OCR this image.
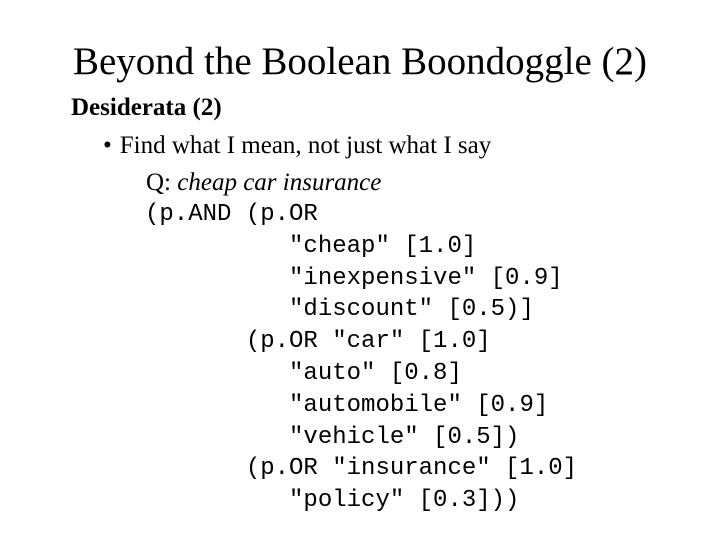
Beyond the Boolean Boondoggle (2)
Desiderata (2)
• Find what I mean, not just what I say
Q: cheap car insurance
(p.AND (p.OR
"cheap" [1.0]
"inexpensive" [0.9]
"discount" [0.5)]
(p.OR "car" [1.0]
"auto" [0.8]
"automobile" [0.9]
"vehicle" [0.5])
(p.OR "insurance" [1.0]
"policy" [0.3]))
